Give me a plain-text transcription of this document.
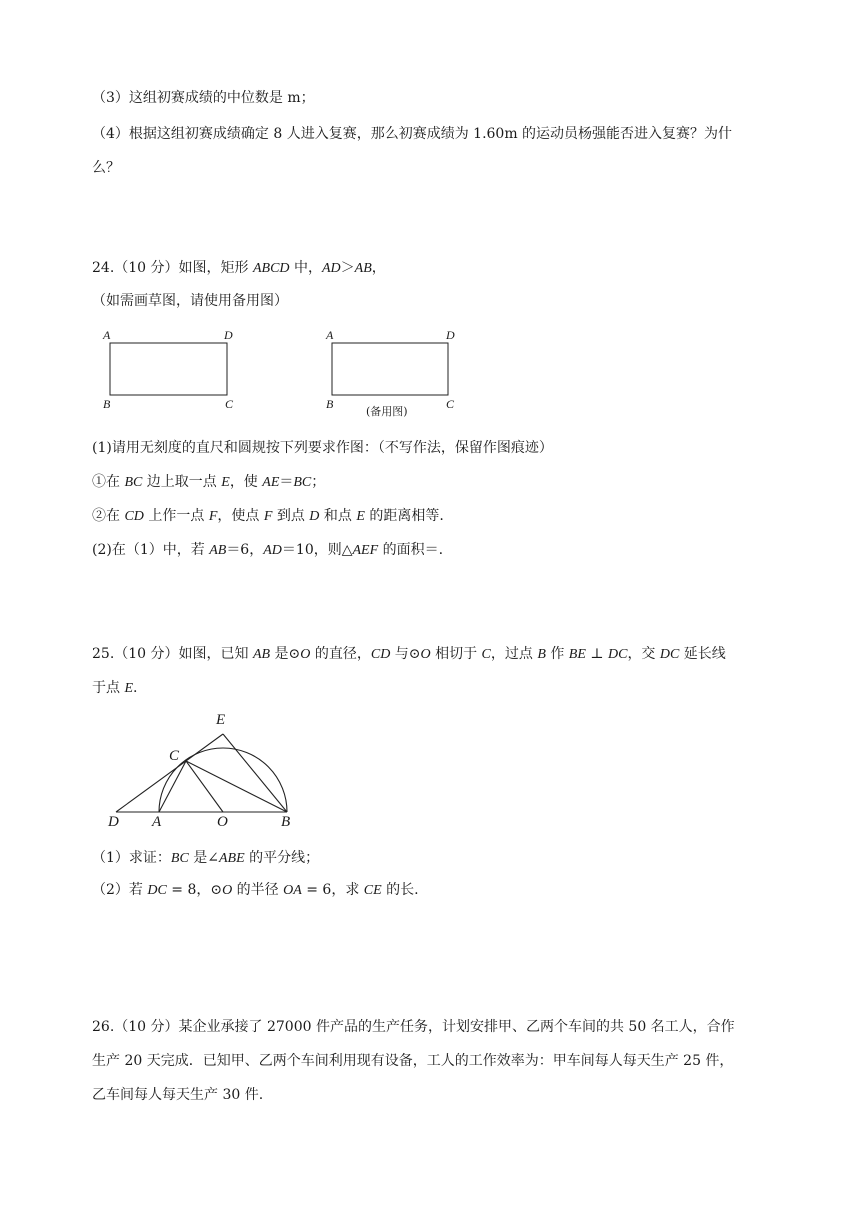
（3）这组初赛成绩的中位数是 m；
（4）根据这组初赛成绩确定 8 人进入复赛，那么初赛成绩为 1.60m 的运动员杨强能否进入复赛？为什
么？
24.（10 分）如图，矩形 ABCD 中，AD＞AB，
（如需画草图，请使用备用图）
A	D
B	C
A	D
B	C
(备用图)
(1)请用无刻度的直尺和圆规按下列要求作图：（不写作法，保留作图痕迹）
①在 BC 边上取一点 E，使 AE＝BC；
②在 CD 上作一点 F，使点 F 到点 D 和点 E 的距离相等.
(2)在（1）中，若 AB＝6，AD＝10，则△AEF 的面积＝.
25.（10 分）如图，已知 AB 是⊙O 的直径，CD 与⊙O 相切于 C，过点 B 作 BE ⊥ DC，交 DC 延长线
于点 E.
E
C
D A	O	B
（1）求证：BC 是∠ABE 的平分线；
（2）若 DC = 8，⊙O 的半径 OA = 6，求 CE 的长.
26.（10 分）某企业承接了 27000 件产品的生产任务，计划安排甲、乙两个车间的共 50 名工人，合作
生产 20 天完成．已知甲、乙两个车间利用现有设备，工人的工作效率为：甲车间每人每天生产 25 件，
乙车间每人每天生产 30 件.
